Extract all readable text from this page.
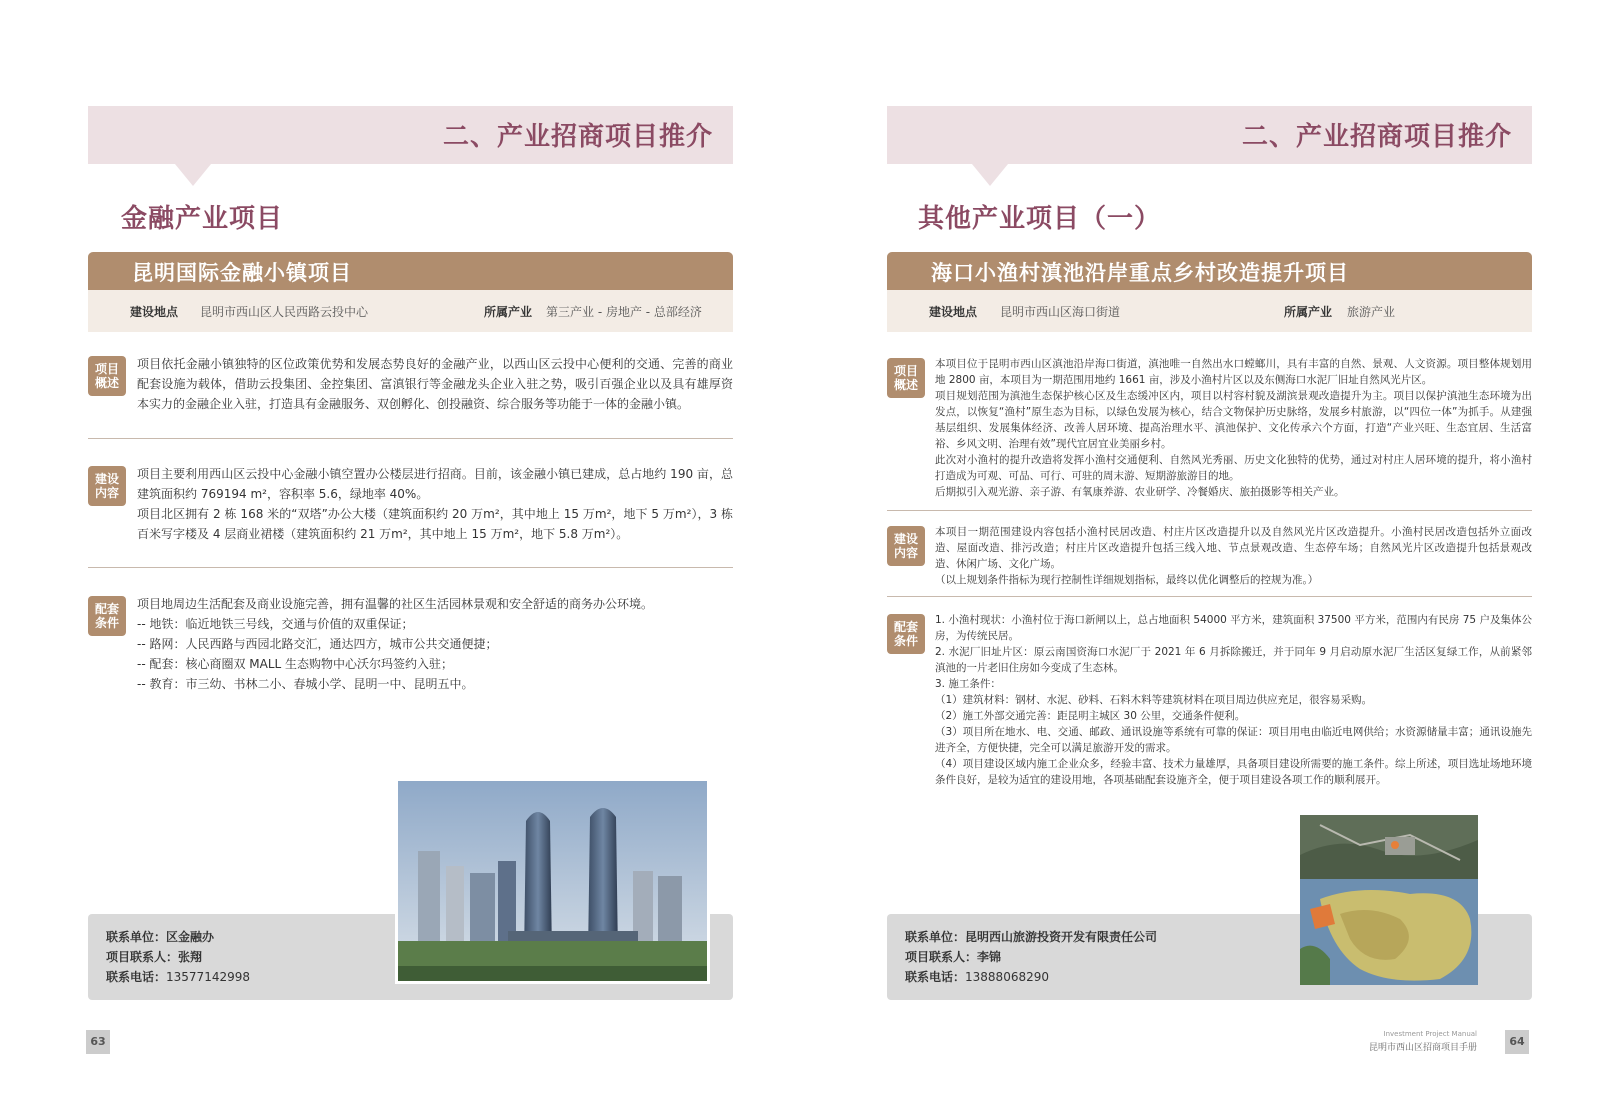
二、产业招商项目推介
金融产业项目
昆明国际金融小镇项目
建设地点 昆明市西山区人民西路云投中心	所属产业 第三产业 - 房地产 - 总部经济
项目
概述
项目依托金融小镇独特的区位政策优势和发展态势良好的金融产业，以西山区云投中心便利的交通、完善的商业配套设施为载体，借助云投集团、金控集团、富滇银行等金融龙头企业入驻之势，吸引百强企业以及具有雄厚资本实力的金融企业入驻，打造具有金融服务、双创孵化、创投融资、综合服务等功能于一体的金融小镇。
建设
内容

项目主要利用西山区云投中心金融小镇空置办公楼层进行招商。目前，该金融小镇已建成，总占地约 190 亩，总建筑面积约 769194 m²，容积率 5.6，绿地率 40%。

项目北区拥有 2 栋 168 米的“双塔”办公大楼（建筑面积约 20 万m²，其中地上 15 万m²，地下 5 万m²），3 栋百米写字楼及 4 层商业裙楼（建筑面积约 21 万m²，其中地上 15 万m²，地下 5.8 万m²）。

配套
条件

项目地周边生活配套及商业设施完善，拥有温馨的社区生活园林景观和安全舒适的商务办公环境。

-- 地铁：临近地铁三号线，交通与价值的双重保证；

-- 路网：人民西路与西园北路交汇，通达四方，城市公共交通便捷；

-- 配套：核心商圈双 MALL 生态购物中心沃尔玛签约入驻；

-- 教育：市三幼、书林二小、春城小学、昆明一中、昆明五中。

联系单位：区金融办
项目联系人：张翔
联系电话：13577142998
63
二、产业招商项目推介
其他产业项目（一）
海口小渔村滇池沿岸重点乡村改造提升项目
建设地点 昆明市西山区海口街道	所属产业 旅游产业
项目
概述

本项目位于昆明市西山区滇池沿岸海口街道，滇池唯一自然出水口螳螂川，具有丰富的自然、景观、人文资源。项目整体规划用地 2800 亩，本项目为一期范围用地约 1661 亩，涉及小渔村片区以及东侧海口水泥厂旧址自然风光片区。

项目规划范围为滇池生态保护核心区及生态缓冲区内，项目以村容村貌及湖滨景观改造提升为主。项目以保护滇池生态环境为出发点，以恢复“渔村”原生态为目标，以绿色发展为核心，结合文物保护历史脉络，发展乡村旅游，以“四位一体”为抓手。从建强基层组织、发展集体经济、改善人居环境、提高治理水平、滇池保护、文化传承六个方面，打造“产业兴旺、生态宜居、生活富裕、乡风文明、治理有效”现代宜居宜业美丽乡村。

此次对小渔村的提升改造将发挥小渔村交通便利、自然风光秀丽、历史文化独特的优势，通过对村庄人居环境的提升，将小渔村打造成为可观、可品、可行、可驻的周末游、短期游旅游目的地。

后期拟引入观光游、亲子游、有氧康养游、农业研学、冷餐婚庆、旅拍摄影等相关产业。

建设
内容

本项目一期范围建设内容包括小渔村民居改造、村庄片区改造提升以及自然风光片区改造提升。小渔村民居改造包括外立面改造、屋面改造、排污改造；村庄片区改造提升包括三线入地、节点景观改造、生态停车场；自然风光片区改造提升包括景观改造、休闲广场、文化广场。

（以上规划条件指标为现行控制性详细规划指标，最终以优化调整后的控规为准。）

配套
条件

1. 小渔村现状：小渔村位于海口新闸以上，总占地面积 54000 平方米，建筑面积 37500 平方米，范围内有民房 75 户及集体公房，为传统民居。

2. 水泥厂旧址片区：原云南国资海口水泥厂于 2021 年 6 月拆除搬迁，并于同年 9 月启动原水泥厂生活区复绿工作，从前紧邻滇池的一片老旧住房如今变成了生态林。

3. 施工条件：

（1）建筑材料：钢材、水泥、砂料、石料木料等建筑材料在项目周边供应充足，很容易采购。

（2）施工外部交通完善：距昆明主城区 30 公里，交通条件便利。

（3）项目所在地水、电、交通、邮政、通讯设施等系统有可靠的保证：项目用电由临近电网供给；水资源储量丰富；通讯设施先进齐全，方便快捷，完全可以满足旅游开发的需求。

（4）项目建设区域内施工企业众多，经验丰富、技术力量雄厚，具备项目建设所需要的施工条件。综上所述，项目选址场地环境条件良好，是较为适宜的建设用地，各项基础配套设施齐全，便于项目建设各项工作的顺利展开。

联系单位：昆明西山旅游投资开发有限责任公司
项目联系人：李锦
联系电话：13888068290
Investment Project Manual
昆明市西山区招商项目手册	64
